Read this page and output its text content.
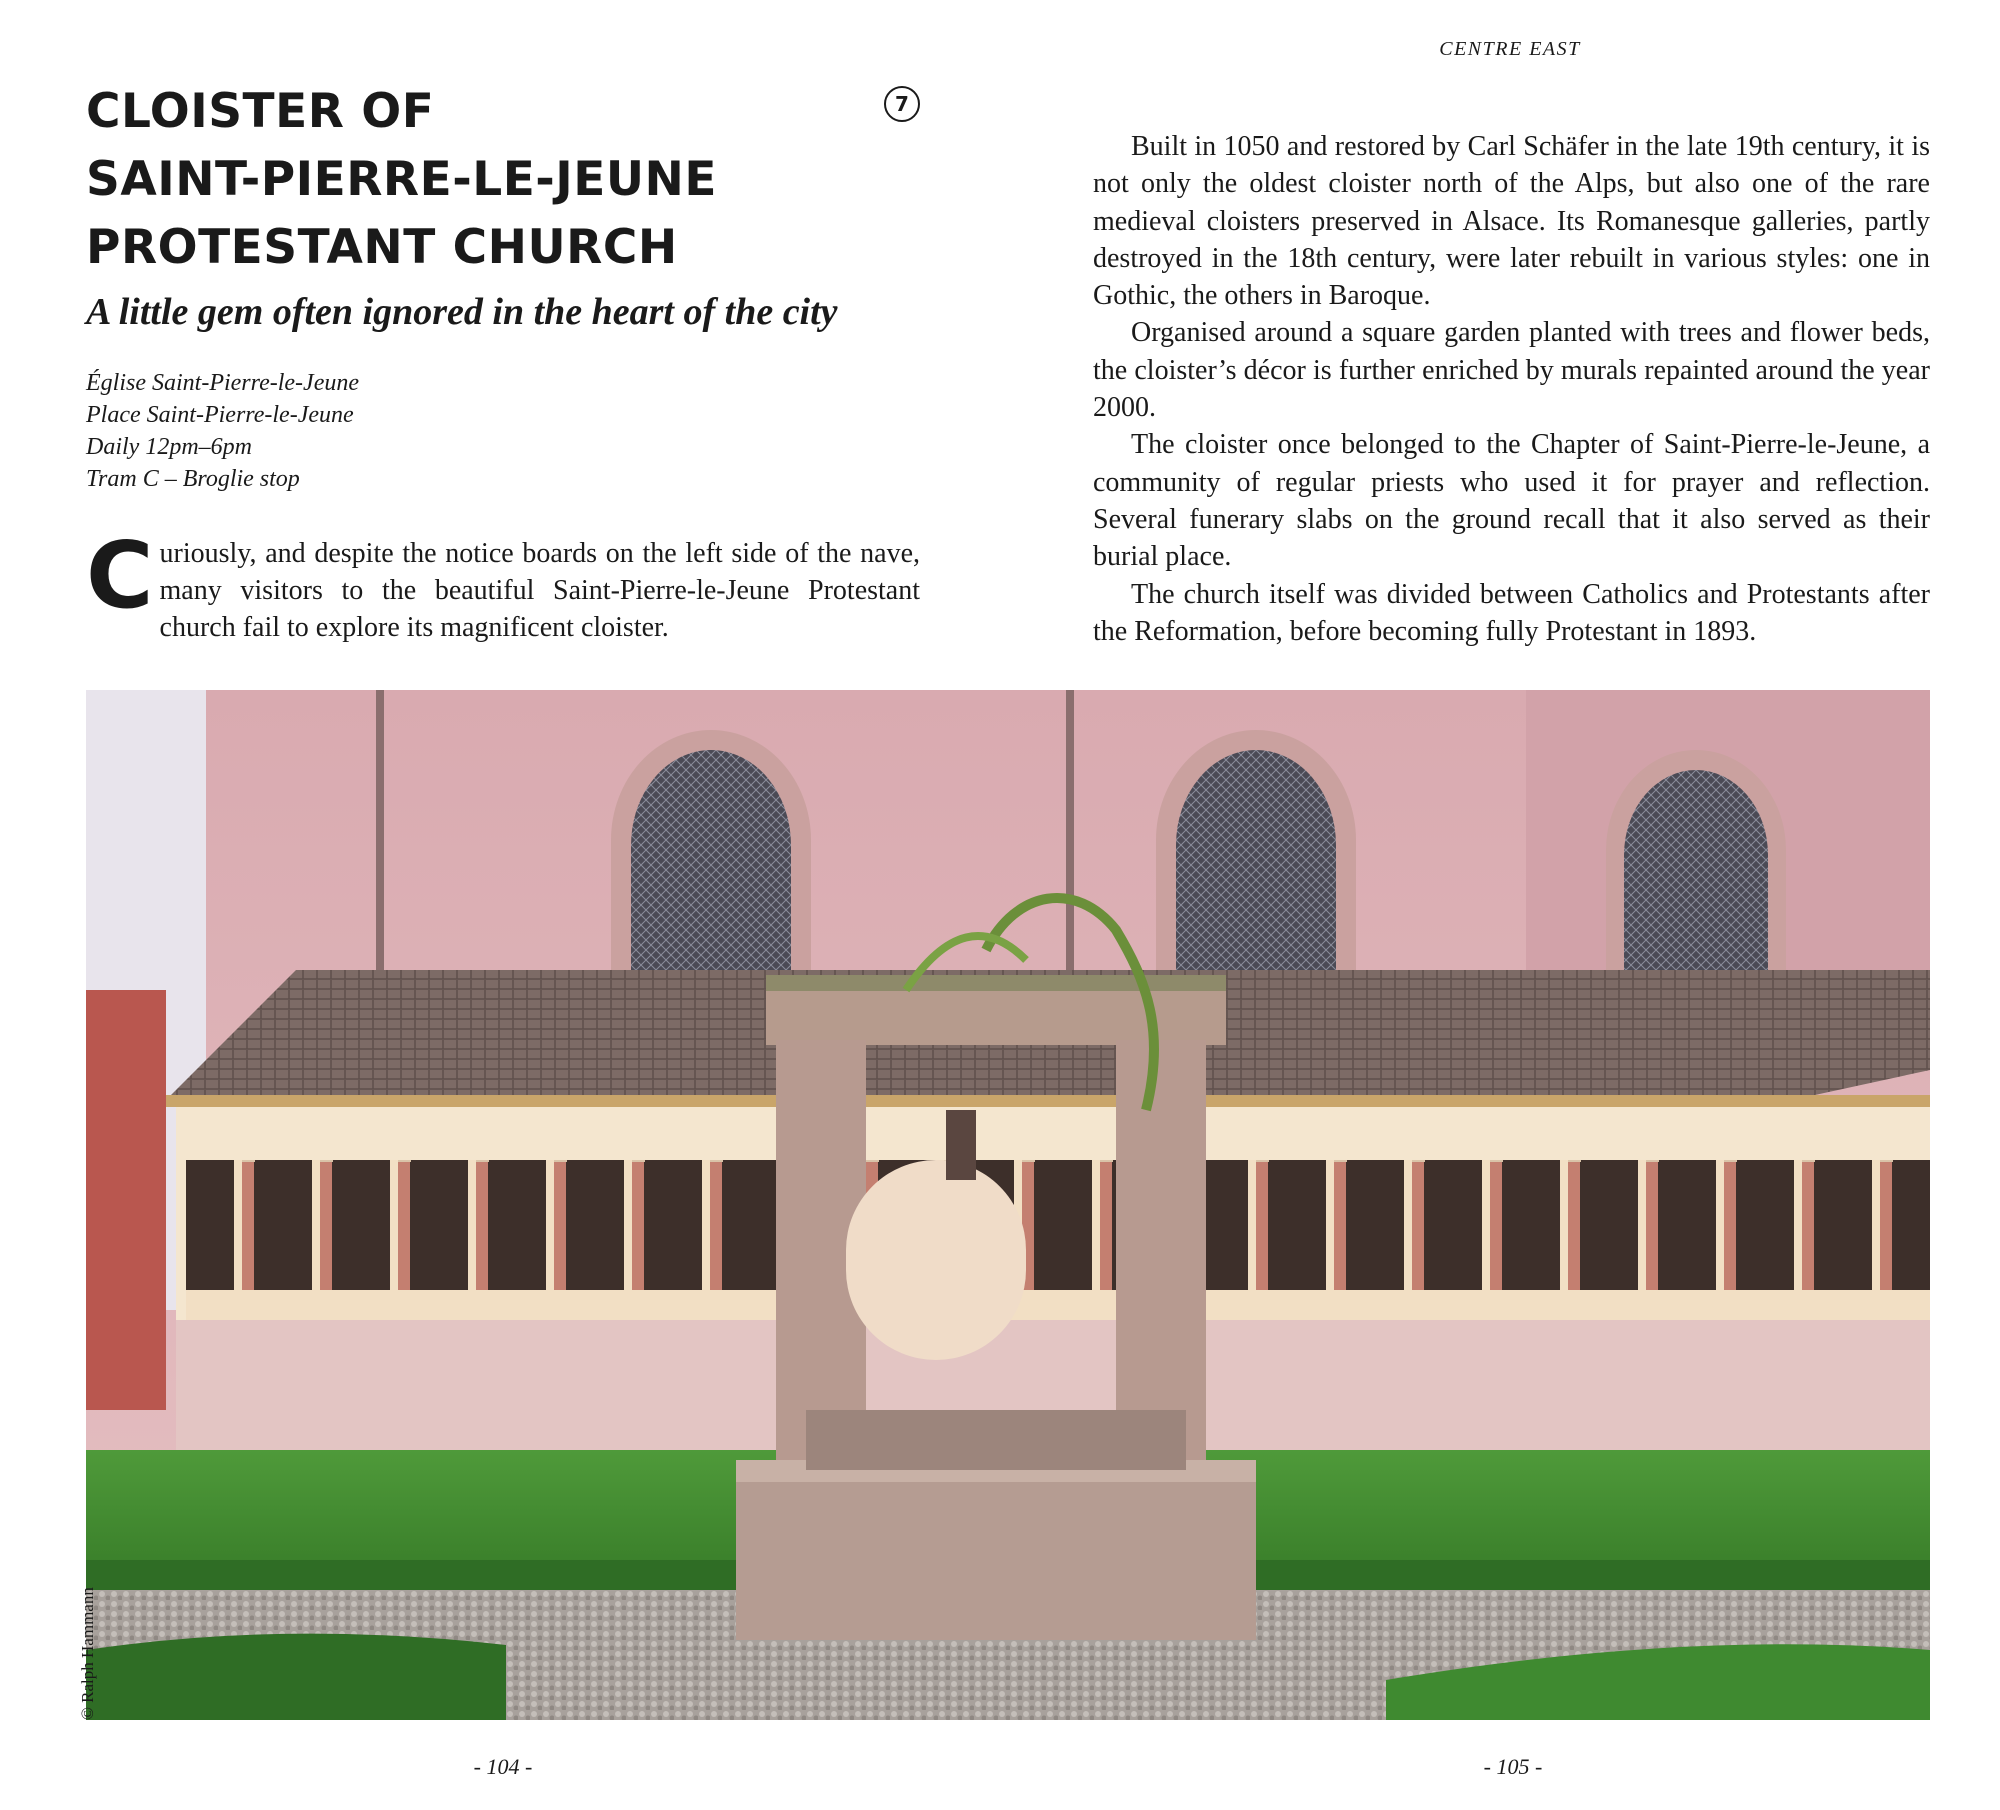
CENTRE EAST
CLOISTER OF
SAINT-PIERRE-LE-JEUNE
PROTESTANT CHURCH
7
A little gem often ignored in the heart of the city
Église Saint-Pierre-le-Jeune
Place Saint-Pierre-le-Jeune
Daily 12pm–6pm
Tram C – Broglie stop

Curiously, and despite the notice boards on the left side of the nave, many visitors to the beautiful Saint-Pierre-le-Jeune Protestant church fail to explore its magnificent cloister.

Built in 1050 and restored by Carl Schäfer in the late 19th century, it is not only the oldest cloister north of the Alps, but also one of the rare medieval cloisters preserved in Alsace. Its Romanesque galleries, partly destroyed in the 18th century, were later rebuilt in various styles: one in Gothic, the others in Baroque.

Organised around a square garden planted with trees and flower beds, the cloister’s décor is further enriched by murals repainted around the year 2000.

The cloister once belonged to the Chapter of Saint-Pierre-le-Jeune, a community of regular priests who used it for prayer and reflection. Several funerary slabs on the ground recall that it also served as their burial place.

The church itself was divided between Catholics and Protestants after the Reformation, before becoming fully Protestant in 1893.

© Ralph Hammann
- 104 -	- 105 -
